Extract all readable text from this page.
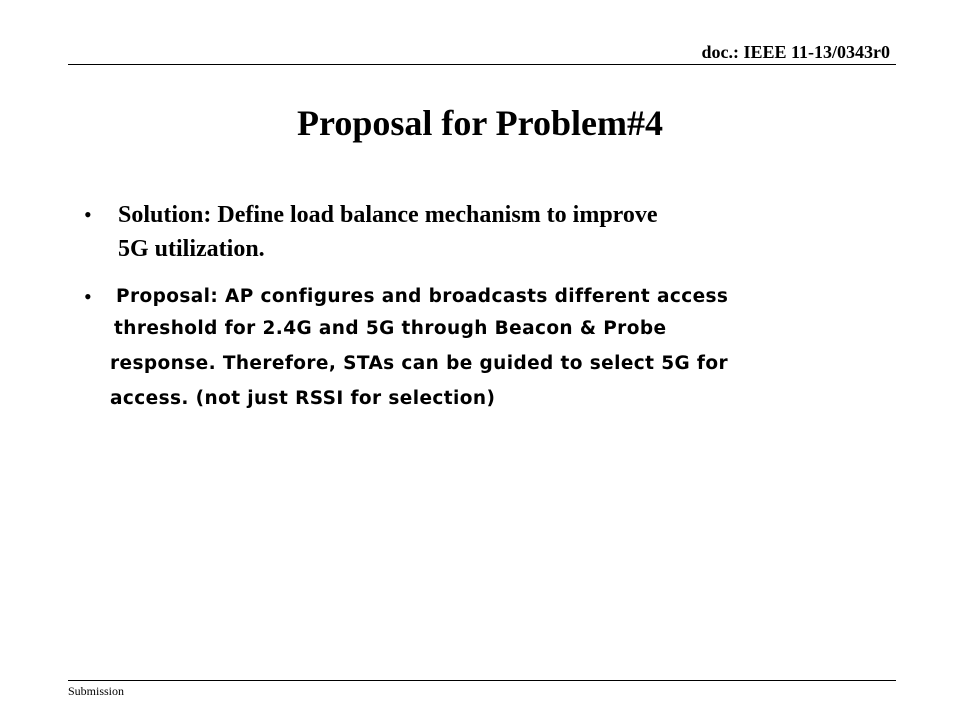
doc.: IEEE 11-13/0343r0
Proposal for Problem#4
• Solution: Define load balance mechanism to improve
5G utilization.
• Proposal: AP configures and broadcasts different access
threshold for 2.4G and 5G through Beacon & Probe
response. Therefore, STAs can be guided to select 5G for
access. (not just RSSI for selection)
Submission
